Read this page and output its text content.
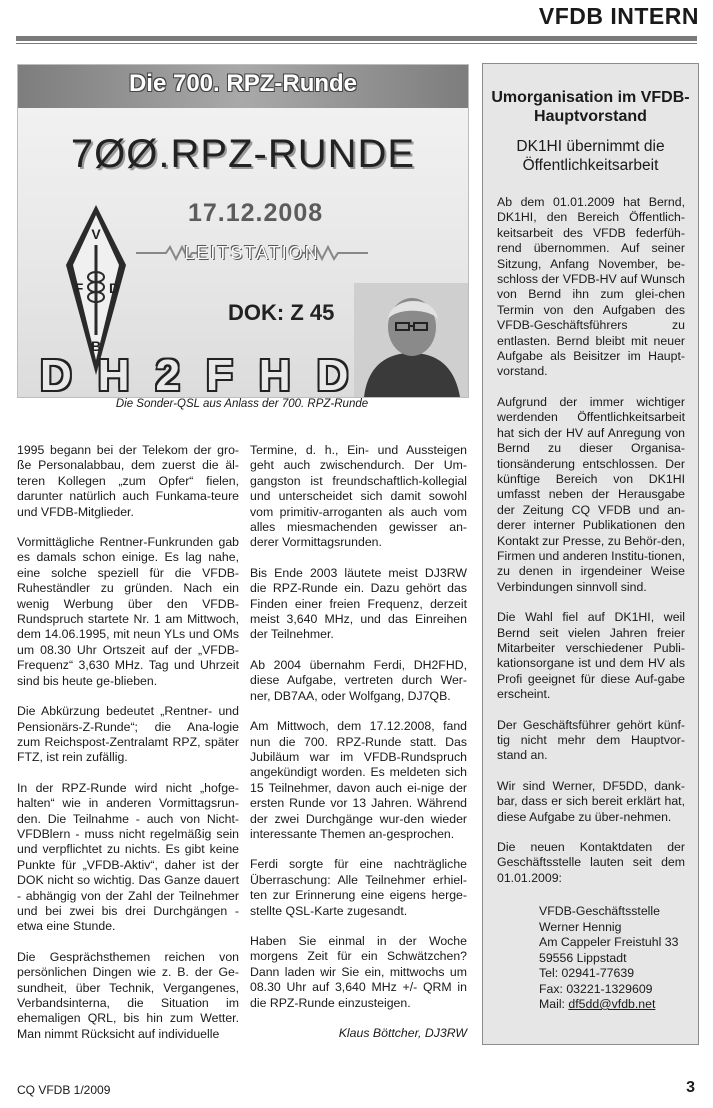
VFDB INTERN
Die 700. RPZ-Runde
7ØØ.RPZ-RUNDE
17.12.2008
V
F D
B
LEITSTATION
DOK: Z 45
DH2FHD
Die Sonder-QSL aus Anlass der 700. RPZ-Runde

1995 begann bei der Telekom der gro-ße Personalabbau, dem zuerst die äl-teren Kollegen „zum Opfer“ fielen, darunter natürlich auch Funkama-teure und VFDB-Mitglieder.

Vormittägliche Rentner-Funkrunden gab es damals schon einige. Es lag nahe, eine solche speziell für die VFDB-Ruheständler zu gründen. Nach ein wenig Werbung über den VFDB-Rundspruch startete Nr. 1 am Mittwoch, dem 14.06.1995, mit neun YLs und OMs um 08.30 Uhr Ortszeit auf der „VFDB-Frequenz“ 3,630 MHz. Tag und Uhrzeit sind bis heute ge-blieben.

Die Abkürzung bedeutet „Rentner- und Pensionärs-Z-Runde“; die Ana-logie zum Reichspost-Zentralamt RPZ, später FTZ, ist rein zufällig.

In der RPZ-Runde wird nicht „hofge-halten“ wie in anderen Vormittagsrun-den. Die Teilnahme - auch von Nicht-VFDBlern - muss nicht regelmäßig sein und verpflichtet zu nichts. Es gibt keine Punkte für „VFDB-Aktiv“, daher ist der DOK nicht so wichtig. Das Ganze dauert - abhängig von der Zahl der Teilnehmer und bei zwei bis drei Durchgängen - etwa eine Stunde.

Die Gesprächsthemen reichen von persönlichen Dingen wie z. B. der Ge-sundheit, über Technik, Vergangenes, Verbandsinterna, die Situation im ehemaligen QRL, bis hin zum Wetter. Man nimmt Rücksicht auf individuelle

Termine, d. h., Ein- und Aussteigen geht auch zwischendurch. Der Um-gangston ist freundschaftlich-kollegial und unterscheidet sich damit sowohl vom primitiv-arroganten als auch vom alles miesmachenden gewisser an-derer Vormittagsrunden.

Bis Ende 2003 läutete meist DJ3RW die RPZ-Runde ein. Dazu gehört das Finden einer freien Frequenz, derzeit meist 3,640 MHz, und das Einreihen der Teilnehmer.

Ab 2004 übernahm Ferdi, DH2FHD, diese Aufgabe, vertreten durch Wer-ner, DB7AA, oder Wolfgang, DJ7QB.

Am Mittwoch, dem 17.12.2008, fand nun die 700. RPZ-Runde statt. Das Jubiläum war im VFDB-Rundspruch angekündigt worden. Es meldeten sich 15 Teilnehmer, davon auch ei-nige der ersten Runde vor 13 Jahren. Während der zwei Durchgänge wur-den wieder interessante Themen an-gesprochen.

Ferdi sorgte für eine nachträgliche Überraschung: Alle Teilnehmer erhiel-ten zur Erinnerung eine eigens herge-stellte QSL-Karte zugesandt.

Haben Sie einmal in der Woche morgens Zeit für ein Schwätzchen? Dann laden wir Sie ein, mittwochs um 08.30 Uhr auf 3,640 MHz +/- QRM in die RPZ-Runde einzusteigen.

Klaus Böttcher, DJ3RW
Umorganisation im VFDB-Hauptvorstand
DK1HI übernimmt die Öffentlichkeitsarbeit

Ab dem 01.01.2009 hat Bernd, DK1HI, den Bereich Öffentlich-keitsarbeit des VFDB federfüh-rend übernommen. Auf seiner Sitzung, Anfang November, be-schloss der VFDB-HV auf Wunsch von Bernd ihn zum glei-chen Termin von den Aufgaben des VFDB-Geschäftsführers zu entlasten. Bernd bleibt mit neuer Aufgabe als Beisitzer im Haupt-vorstand.

Aufgrund der immer wichtiger werdenden Öffentlichkeitsarbeit hat sich der HV auf Anregung von Bernd zu dieser Organisa-tionsänderung entschlossen. Der künftige Bereich von DK1HI umfasst neben der Herausgabe der Zeitung CQ VFDB und an-derer interner Publikationen den Kontakt zur Presse, zu Behör-den, Firmen und anderen Institu-tionen, zu denen in irgendeiner Weise Verbindungen sinnvoll sind.

Die Wahl fiel auf DK1HI, weil Bernd seit vielen Jahren freier Mitarbeiter verschiedener Publi-kationsorgane ist und dem HV als Profi geeignet für diese Auf-gabe erscheint.

Der Geschäftsführer gehört künf-tig nicht mehr dem Hauptvor-stand an.

Wir sind Werner, DF5DD, dank-bar, dass er sich bereit erklärt hat, diese Aufgabe zu über-nehmen.

Die neuen Kontaktdaten der Geschäftsstelle lauten seit dem 01.01.2009:

VFDB-Geschäftsstelle
Werner Hennig
Am Cappeler Freistuhl 33
59556 Lippstadt
Tel: 02941-77639
Fax: 03221-1329609
Mail: df5dd@vfdb.net
CQ VFDB 1/2009	3
